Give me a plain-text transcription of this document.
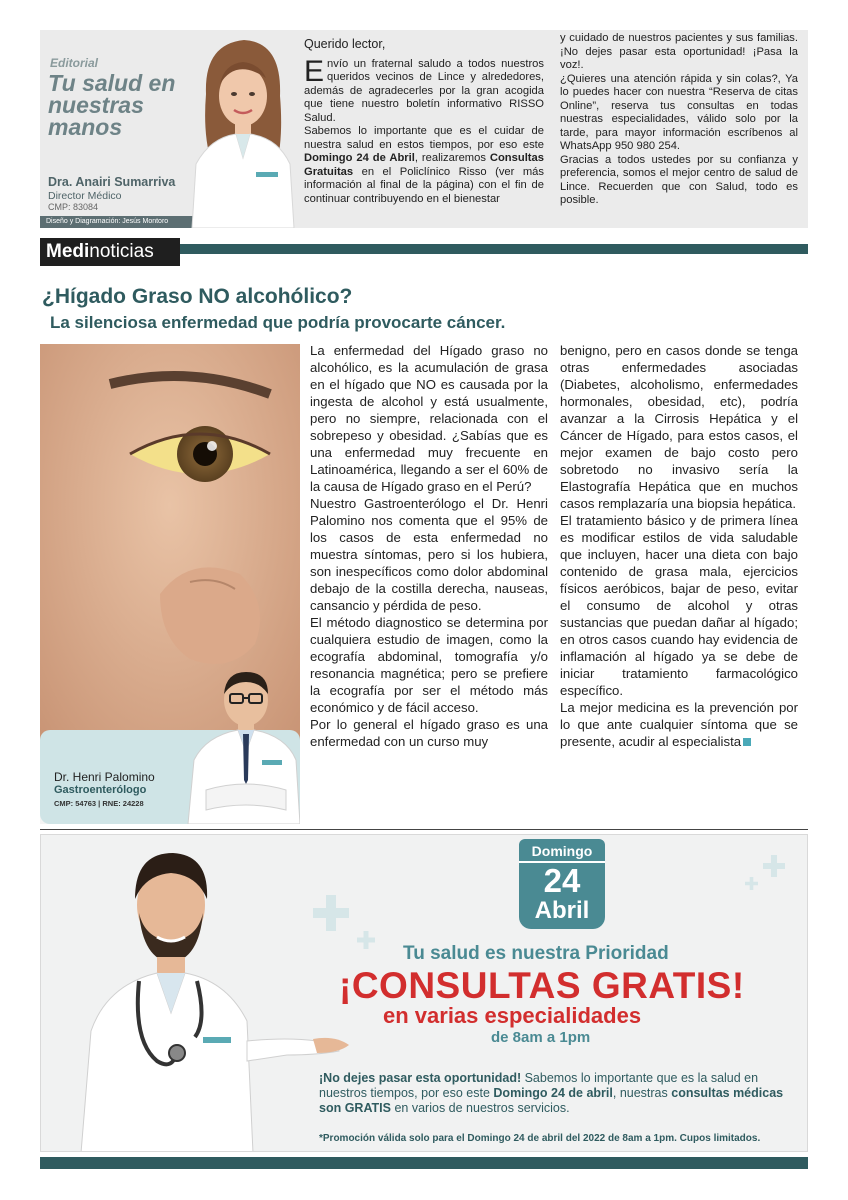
Editorial
Tu salud en nuestras manos
Dra. Anairi Sumarriva
Director Médico
CMP: 83084
Diseño y Diagramación: Jesús Montoro

Querido lector,

Envío un fraternal saludo a todos nuestros queridos vecinos de Lince y alrededores, además de agradecerles por la gran acogida que tiene nuestro boletín informativo RISSO Salud.

Sabemos lo importante que es el cuidar de nuestra salud en estos tiempos, por eso este Domingo 24 de Abril, realizaremos Consultas Gratuitas en el Policlínico Risso (ver más información al final de la página) con el fin de continuar contribuyendo en el bienestar

y cuidado de nuestros pacientes y sus familias. ¡No dejes pasar esta oportunidad! ¡Pasa la voz!.

¿Quieres una atención rápida y sin colas?, Ya lo puedes hacer con nuestra “Reserva de citas Online”, reserva tus consultas en todas nuestras especialidades, válido solo por la tarde, para mayor información escríbenos al WhatsApp 950 980 254.

Gracias a todos ustedes por su confianza y preferencia, somos el mejor centro de salud de Lince. Recuerden que con Salud, todo es posible.

Medinoticias
¿Hígado Graso NO alcohólico?
La silenciosa enfermedad que podría provocarte cáncer.
Dr. Henri Palomino
Gastroenterólogo
CMP: 54763 | RNE: 24228

La enfermedad del Hígado graso no alcohólico, es la acumulación de grasa en el hígado que NO es causada por la ingesta de alcohol y está usualmente, pero no siempre, relacionada con el sobrepeso y obesidad. ¿Sabías que es una enfermedad muy frecuente en Latinoamérica, llegando a ser el 60% de la causa de Hígado graso en el Perú?

Nuestro Gastroenterólogo el Dr. Henri Palomino nos comenta que el 95% de los casos de esta enfermedad no muestra síntomas, pero si los hubiera, son inespecíficos como dolor abdominal debajo de la costilla derecha, nauseas, cansancio y pérdida de peso.

El método diagnostico se determina por cualquiera estudio de imagen, como la ecografía abdominal, tomografía y/o resonancia magnética; pero se prefiere la ecografía por ser el método más económico y de fácil acceso.

Por lo general el hígado graso es una enfermedad con un curso muy

benigno, pero en casos donde se tenga otras enfermedades asociadas (Diabetes, alcoholismo, enfermedades hormonales, obesidad, etc), podría avanzar a la Cirrosis Hepática y el Cáncer de Hígado, para estos casos, el mejor examen de bajo costo pero sobretodo no invasivo sería la Elastografía Hepática que en muchos casos remplazaría una biopsia hepática.

El tratamiento básico y de primera línea es modificar estilos de vida saludable que incluyen, hacer una dieta con bajo contenido de grasa mala, ejercicios físicos aeróbicos, bajar de peso, evitar el consumo de alcohol y otras sustancias que puedan dañar al hígado; en otros casos cuando hay evidencia de inflamación al hígado ya se debe de iniciar tratamiento farmacológico específico.

La mejor medicina es la prevención por lo que ante cualquier síntoma que se presente, acudir al especialista

Domingo
24
Abril
Tu salud es nuestra Prioridad
¡CONSULTAS GRATIS!
en varias especialidades
de 8am a 1pm
¡No dejes pasar esta oportunidad! Sabemos lo importante que es la salud en nuestros tiempos, por eso este Domingo 24 de abril, nuestras consultas médicas son GRATIS en varios de nuestros servicios.
*Promoción válida solo para el Domingo 24 de abril del 2022 de 8am a 1pm. Cupos limitados.
